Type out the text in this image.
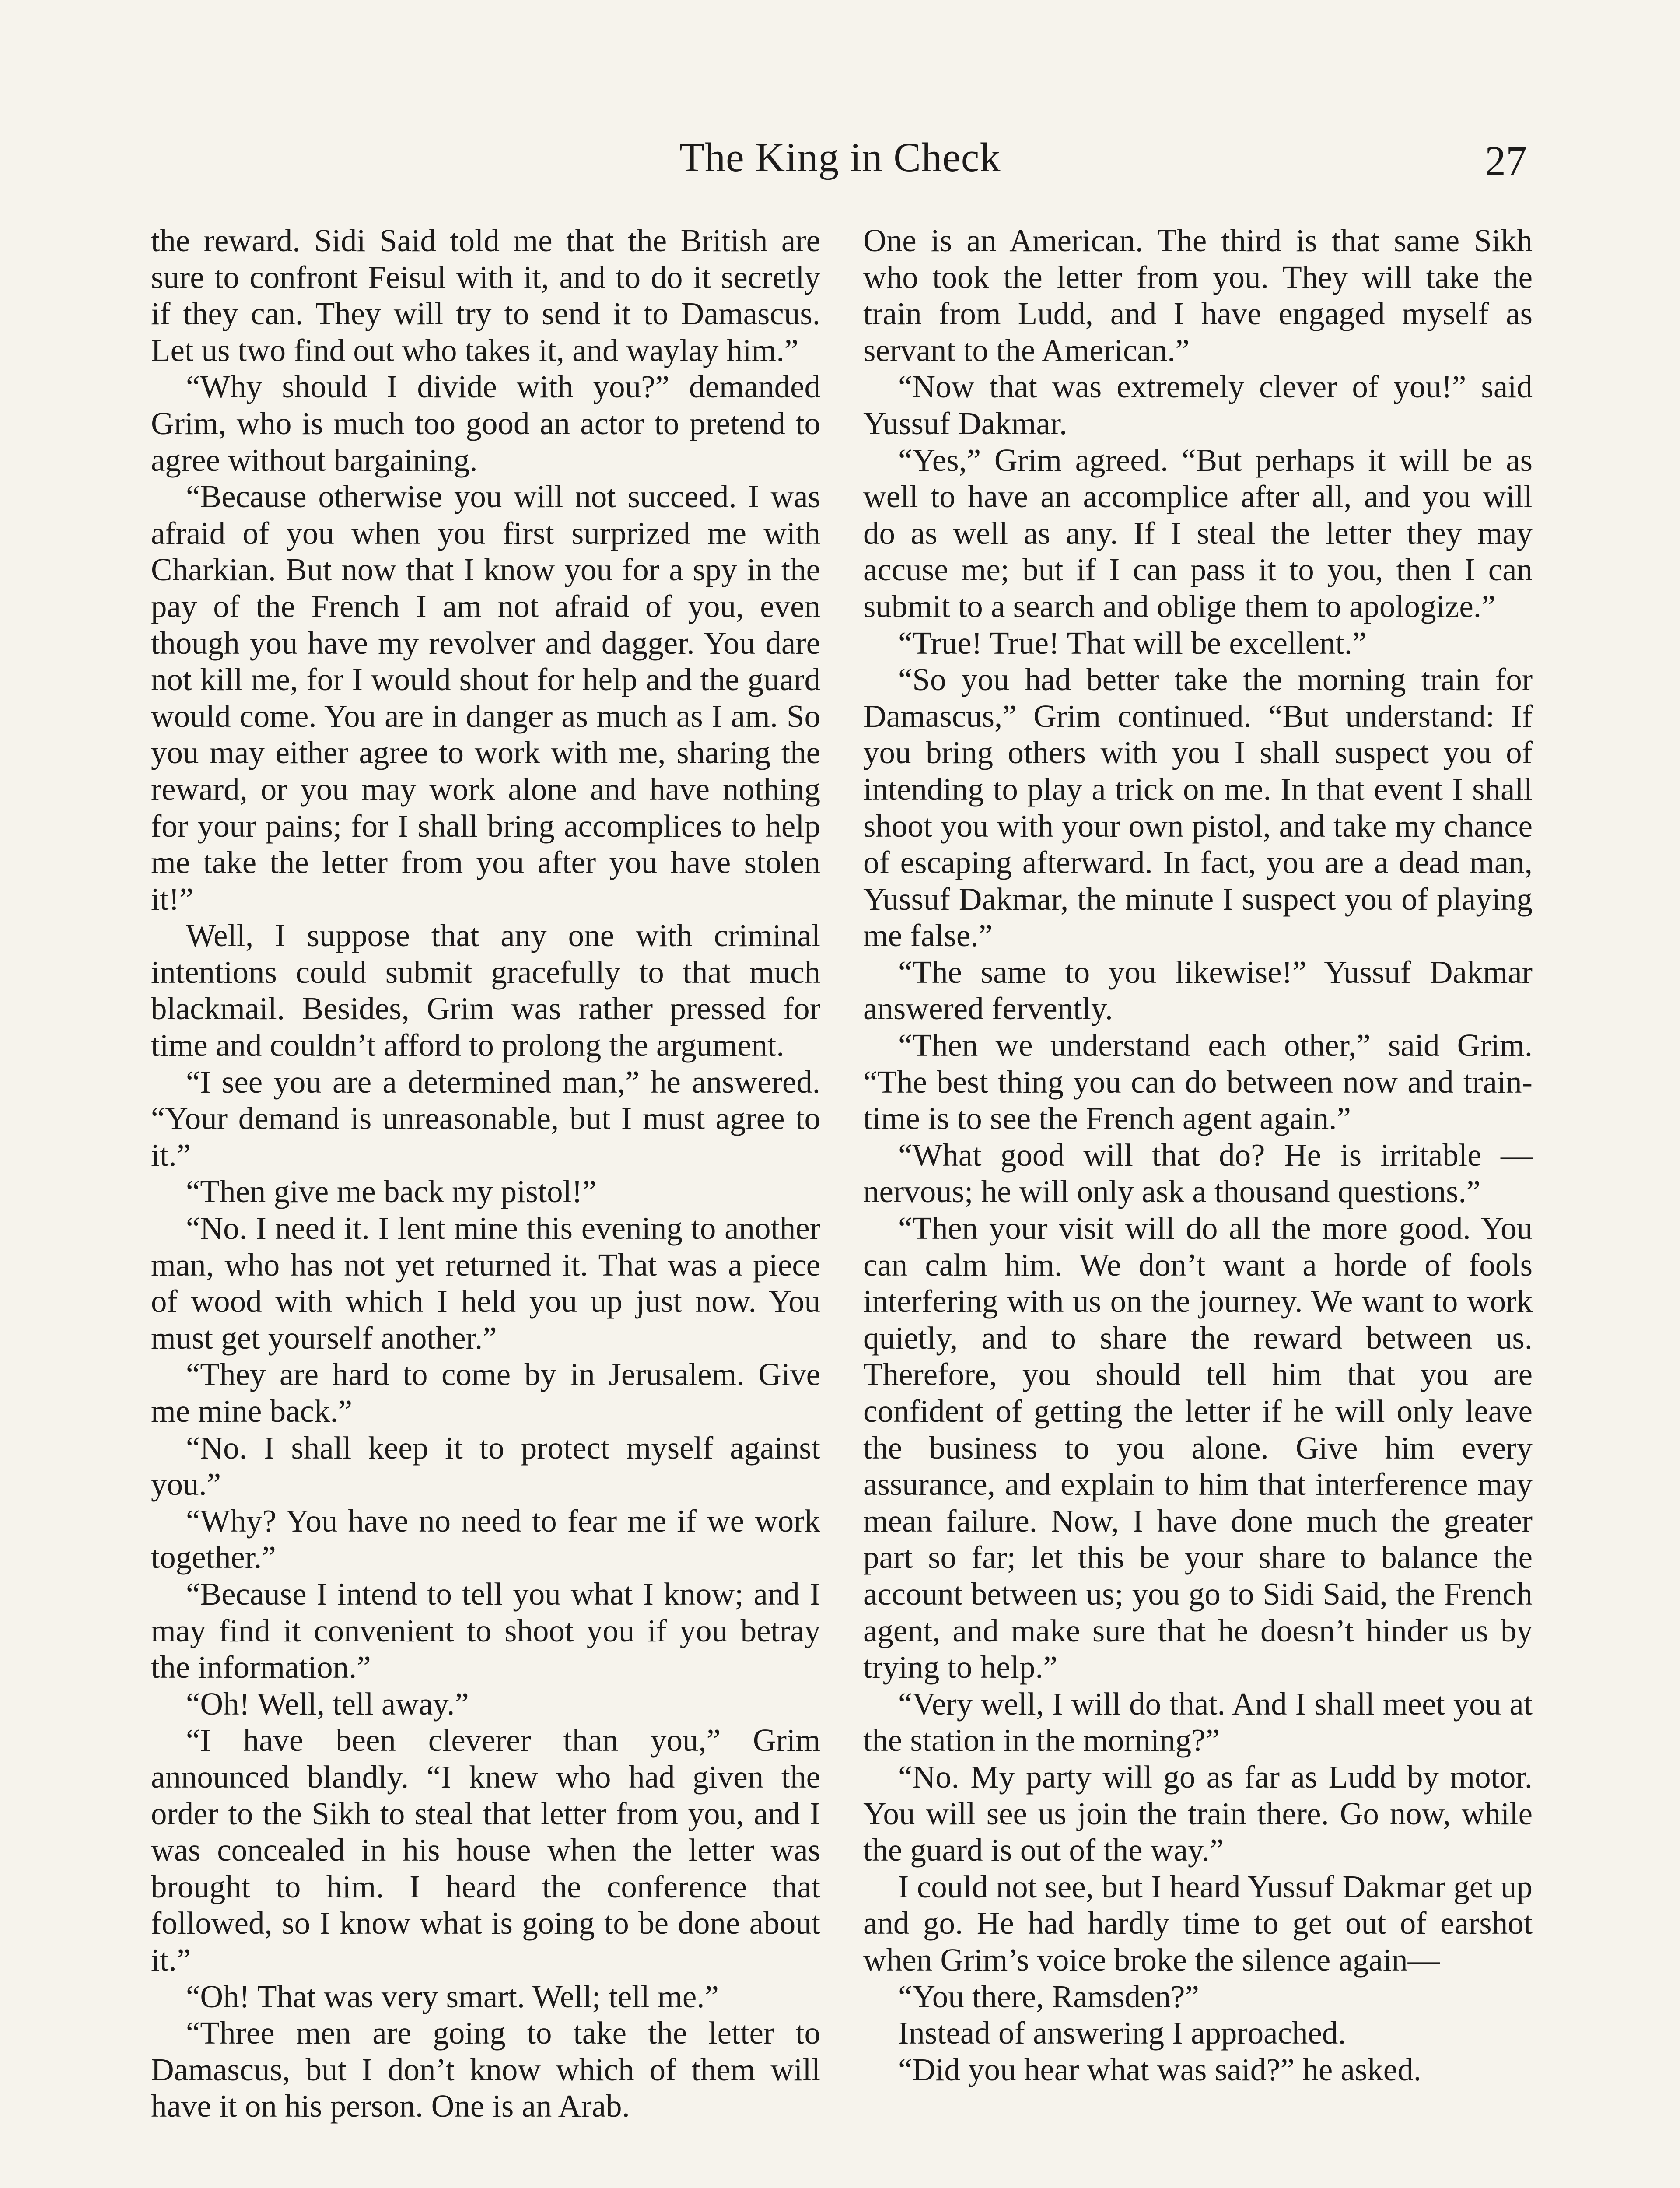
The King in Check	27

the reward. Sidi Said told me that the British are sure to confront Feisul with it, and to do it secretly if they can. They will try to send it to Damascus. Let us two find out who takes it, and waylay him.”

“Why should I divide with you?” demanded Grim, who is much too good an actor to pretend to agree without bargaining.

“Because otherwise you will not succeed. I was afraid of you when you first surprized me with Charkian. But now that I know you for a spy in the pay of the French I am not afraid of you, even though you have my revolver and dagger. You dare not kill me, for I would shout for help and the guard would come. You are in danger as much as I am. So you may either agree to work with me, sharing the reward, or you may work alone and have nothing for your pains; for I shall bring accomplices to help me take the letter from you after you have stolen it!”

Well, I suppose that any one with criminal intentions could submit gracefully to that much blackmail. Besides, Grim was rather pressed for time and couldn’t afford to prolong the argument.

“I see you are a determined man,” he answered. “Your demand is unreasonable, but I must agree to it.”

“Then give me back my pistol!”

“No. I need it. I lent mine this evening to another man, who has not yet returned it. That was a piece of wood with which I held you up just now. You must get yourself another.”

“They are hard to come by in Jerusalem. Give me mine back.”

“No. I shall keep it to protect myself against you.”

“Why? You have no need to fear me if we work together.”

“Because I intend to tell you what I know; and I may find it convenient to shoot you if you betray the information.”

“Oh! Well, tell away.”

“I have been cleverer than you,” Grim announced blandly. “I knew who had given the order to the Sikh to steal that letter from you, and I was concealed in his house when the letter was brought to him. I heard the conference that followed, so I know what is going to be done about it.”

“Oh! That was very smart. Well; tell me.”

“Three men are going to take the letter to Damascus, but I don’t know which of them will have it on his person. One is an Arab.

One is an American. The third is that same Sikh who took the letter from you. They will take the train from Ludd, and I have engaged myself as servant to the American.”

“Now that was extremely clever of you!” said Yussuf Dakmar.

“Yes,” Grim agreed. “But perhaps it will be as well to have an accomplice after all, and you will do as well as any. If I steal the letter they may accuse me; but if I can pass it to you, then I can submit to a search and oblige them to apologize.”

“True! True! That will be excellent.”

“So you had better take the morning train for Damascus,” Grim continued. “But understand: If you bring others with you I shall suspect you of intending to play a trick on me. In that event I shall shoot you with your own pistol, and take my chance of escaping afterward. In fact, you are a dead man, Yussuf Dakmar, the minute I suspect you of playing me false.”

“The same to you likewise!” Yussuf Dakmar answered fervently.

“Then we understand each other,” said Grim. “The best thing you can do between now and train-time is to see the French agent again.”

“What good will that do? He is irritable —nervous; he will only ask a thousand questions.”

“Then your visit will do all the more good. You can calm him. We don’t want a horde of fools interfering with us on the journey. We want to work quietly, and to share the reward between us. Therefore, you should tell him that you are confident of getting the letter if he will only leave the business to you alone. Give him every assurance, and explain to him that interference may mean failure. Now, I have done much the greater part so far; let this be your share to balance the account between us; you go to Sidi Said, the French agent, and make sure that he doesn’t hinder us by trying to help.”

“Very well, I will do that. And I shall meet you at the station in the morning?”

“No. My party will go as far as Ludd by motor. You will see us join the train there. Go now, while the guard is out of the way.”

I could not see, but I heard Yussuf Dakmar get up and go. He had hardly time to get out of earshot when Grim’s voice broke the silence again—

“You there, Ramsden?”

Instead of answering I approached.

“Did you hear what was said?” he asked.
